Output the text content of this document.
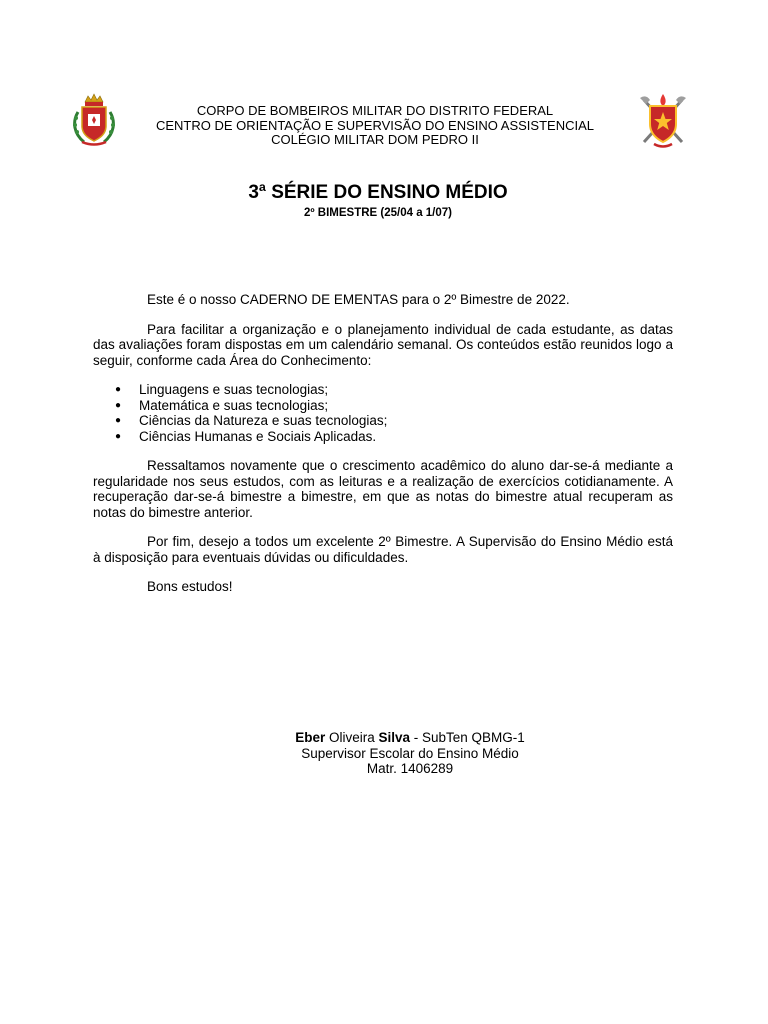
CORPO DE BOMBEIROS MILITAR DO DISTRITO FEDERAL
CENTRO DE ORIENTAÇÃO E SUPERVISÃO DO ENSINO ASSISTENCIAL
COLÉGIO MILITAR DOM PEDRO II
3ª SÉRIE DO ENSINO MÉDIO
2º BIMESTRE (25/04 a 1/07)

Este é o nosso CADERNO DE EMENTAS para o 2º Bimestre de 2022.

Para facilitar a organização e o planejamento individual de cada estudante, as datas das avaliações foram dispostas em um calendário semanal. Os conteúdos estão reunidos logo a seguir, conforme cada Área do Conhecimento:

● Linguagens e suas tecnologias;
● Matemática e suas tecnologias;
● Ciências da Natureza e suas tecnologias;
● Ciências Humanas e Sociais Aplicadas.

Ressaltamos novamente que o crescimento acadêmico do aluno dar-se-á mediante a regularidade nos seus estudos, com as leituras e a realização de exercícios cotidianamente. A recuperação dar-se-á bimestre a bimestre, em que as notas do bimestre atual recuperam as notas do bimestre anterior.

Por fim, desejo a todos um excelente 2º Bimestre. A Supervisão do Ensino Médio está à disposição para eventuais dúvidas ou dificuldades.

Bons estudos!

Eber Oliveira Silva - SubTen QBMG-1
Supervisor Escolar do Ensino Médio
Matr. 1406289
